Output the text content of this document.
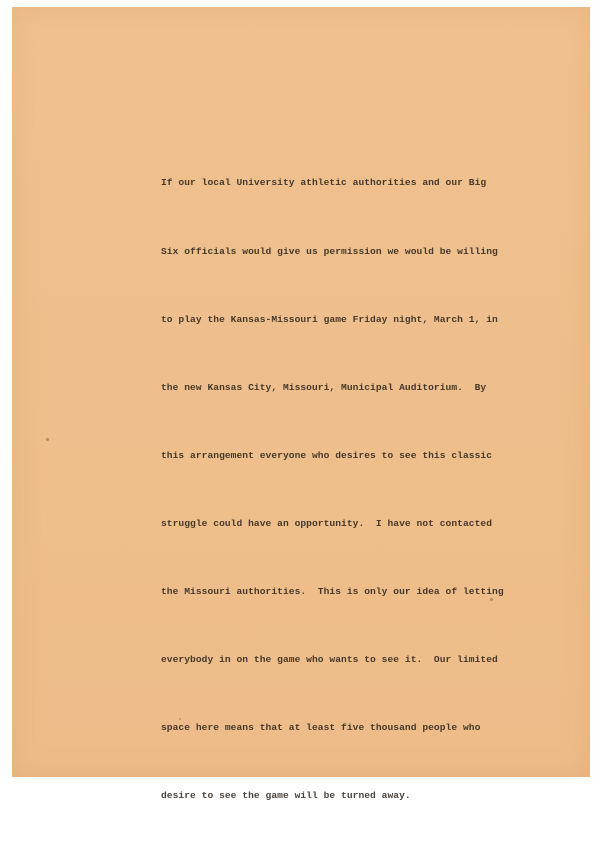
If our local University athletic authorities and our Big

Six officials would give us permission we would be willing

to play the Kansas-Missouri game Friday night, March 1, in

the new Kansas City, Missouri, Municipal Auditorium.  By

this arrangement everyone who desires to see this classic

struggle could have an opportunity.  I have not contacted

the Missouri authorities.  This is only our idea of letting

everybody in on the game who wants to see it.  Our limited

space here means that at least five thousand people who

desire to see the game will be turned away.
